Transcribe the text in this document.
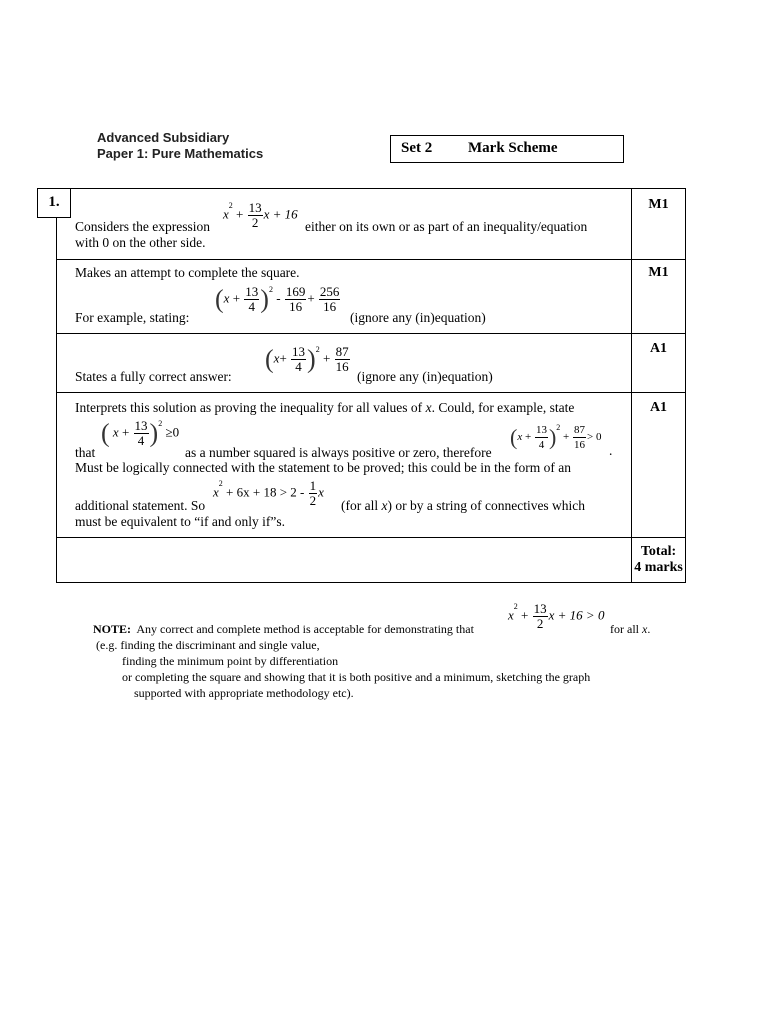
Advanced Subsidiary
Paper 1: Pure Mathematics	Set 2 Mark Scheme
1.
$x^2 + \frac{13}{2}$ x + 16
Considers the expression	either on its own or as part of an inequality/equation
with 0 on the other side.
M1
Makes an attempt to complete the square.
$(x + \frac{13}{4} )^2 - \frac{169}{16} + \frac{256}{16}$
For example, stating:	(ignore any (in)equation)
M1
$(x+ \frac{13}{4} )^2 + \frac{87}{16}$
States a fully correct answer:	(ignore any (in)equation)
A1
Interprets this solution as proving the inequality for all values of x. Could, for example, state
( $x + \frac{13}{4} )^2 \ge 0$	$(x + \frac{13}{4} )^2 + \frac{87}{16} > 0$
that	as a number squared is always positive or zero, therefore	.
Must be logically connected with the statement to be proved; this could be in the form of an
$x^2 + 6x + 18 > 2 - \frac{1}{2}$ x
additional statement. So	(for all x) or by a string of connectives which
must be equivalent to “if and only if”s.
A1
Total:
4 marks
$x^2 + \frac{13}{2}$ x + 16 > 0
NOTE: Any correct and complete method is acceptable for demonstrating that	for all x.
(e.g. finding the discriminant and single value,
finding the minimum point by differentiation
or completing the square and showing that it is both positive and a minimum, sketching the graph
supported with appropriate methodology etc).
